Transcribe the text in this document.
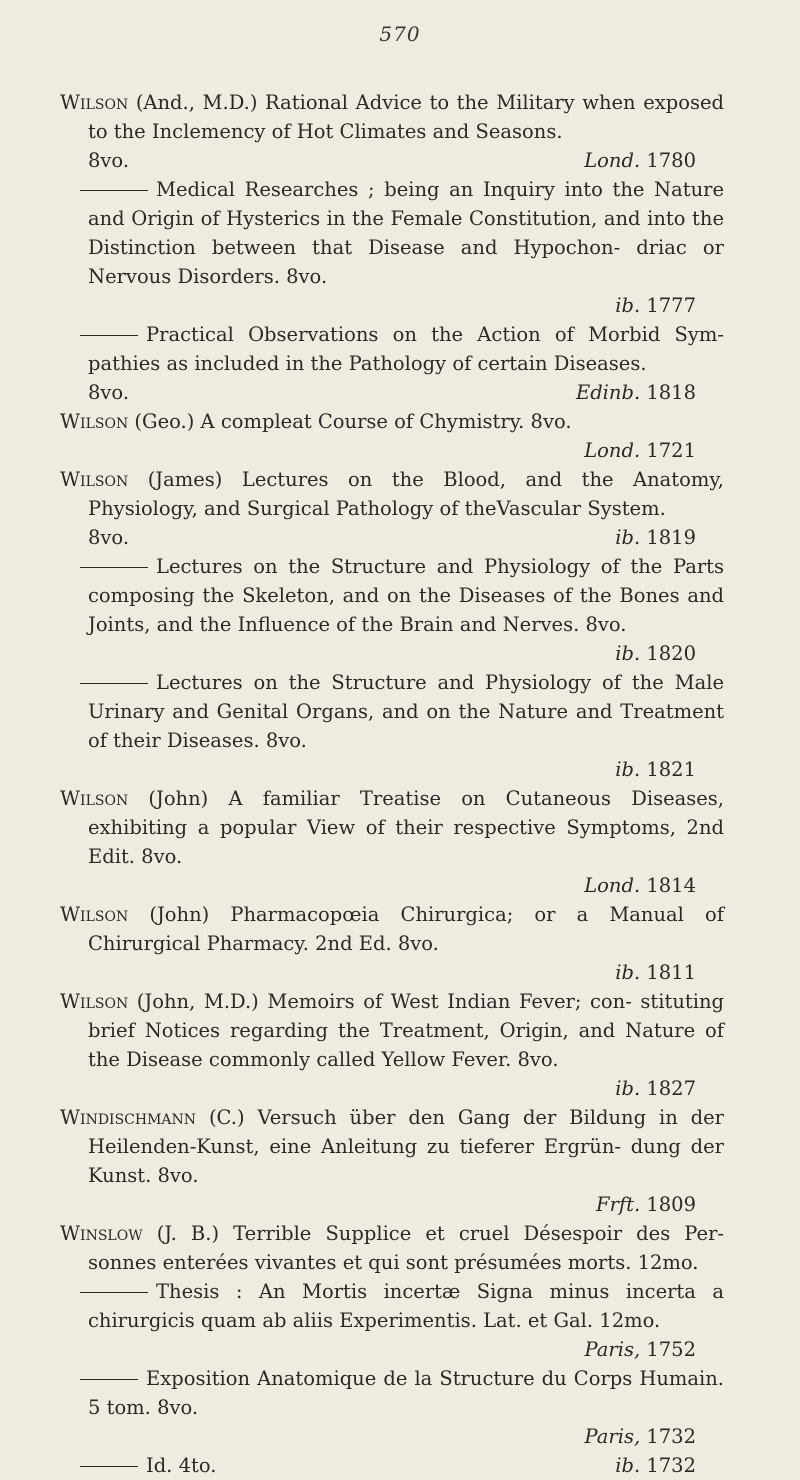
570
Wilson (And., M.D.) Rational Advice to the Military when exposed to the Inclemency of Hot Climates and Seasons.
8vo.	Lond. 1780
Medical Researches ; being an Inquiry into the Nature and Origin of Hysterics in the Female Constitution, and into the Distinction between that Disease and Hypochon- driac or Nervous Disorders. 8vo.
ib. 1777
Practical Observations on the Action of Morbid Sym- pathies as included in the Pathology of certain Diseases.
8vo.	Edinb. 1818
Wilson (Geo.) A compleat Course of Chymistry. 8vo.
Lond. 1721
Wilson (James) Lectures on the Blood, and the Anatomy, Physiology, and Surgical Pathology of theVascular System.
8vo.	ib. 1819
Lectures on the Structure and Physiology of the Parts composing the Skeleton, and on the Diseases of the Bones and Joints, and the Influence of the Brain and Nerves. 8vo.
ib. 1820
Lectures on the Structure and Physiology of the Male Urinary and Genital Organs, and on the Nature and Treatment of their Diseases. 8vo.
ib. 1821
Wilson (John) A familiar Treatise on Cutaneous Diseases, exhibiting a popular View of their respective Symptoms, 2nd Edit. 8vo.
Lond. 1814
Wilson (John) Pharmacopœia Chirurgica; or a Manual of Chirurgical Pharmacy. 2nd Ed. 8vo.
ib. 1811
Wilson (John, M.D.) Memoirs of West Indian Fever; con- stituting brief Notices regarding the Treatment, Origin, and Nature of the Disease commonly called Yellow Fever. 8vo.
ib. 1827
Windischmann (C.) Versuch über den Gang der Bildung in der Heilenden-Kunst, eine Anleitung zu tieferer Ergrün- dung der Kunst. 8vo.
Frft. 1809
Winslow (J. B.) Terrible Supplice et cruel Désespoir des Per- sonnes enterées vivantes et qui sont présumées morts. 12mo.
Thesis : An Mortis incertæ Signa minus incerta a chirurgicis quam ab aliis Experimentis. Lat. et Gal. 12mo.
Paris, 1752
Exposition Anatomique de la Structure du Corps Humain. 5 tom. 8vo.
Paris, 1732
Id. 4to.	ib. 1732
